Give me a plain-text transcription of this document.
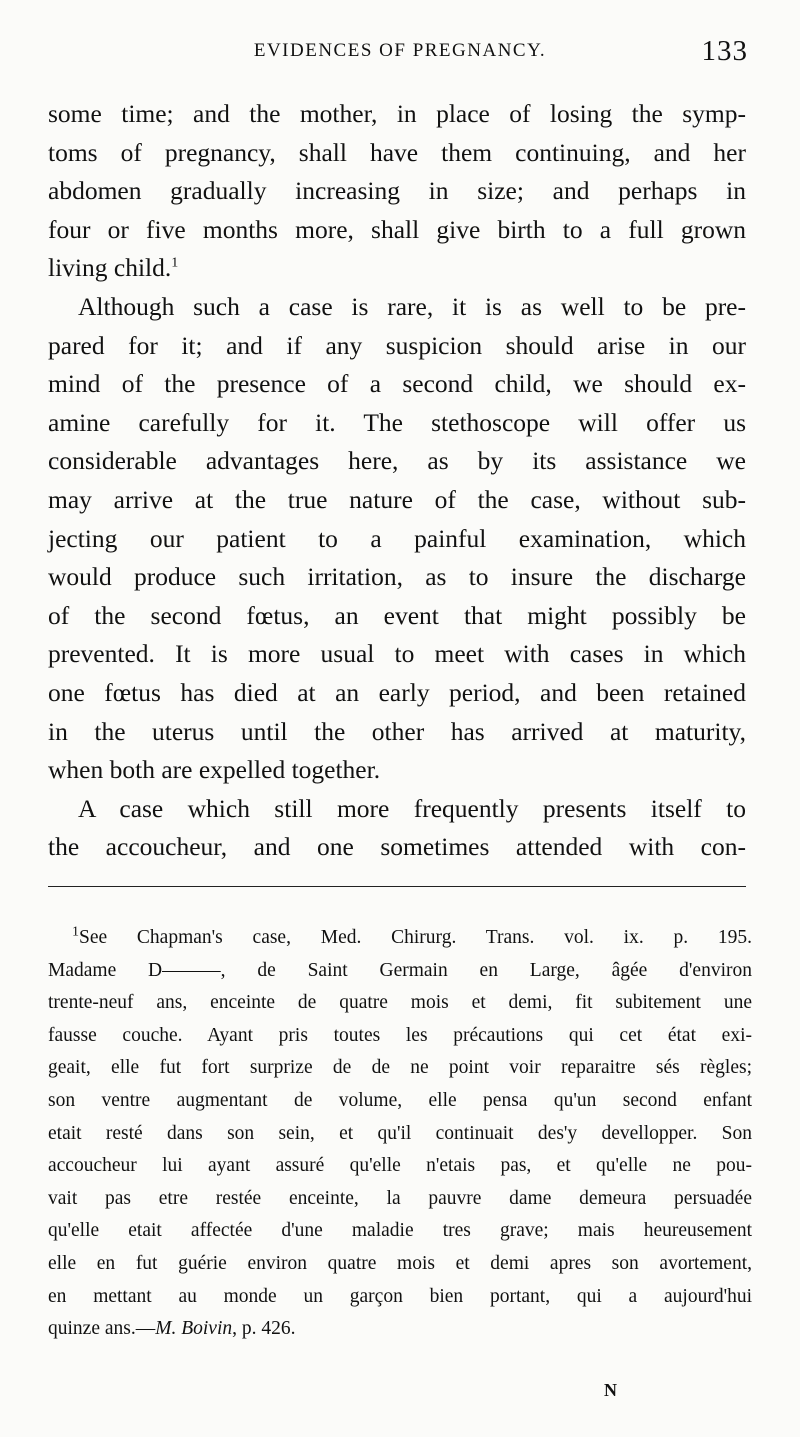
EVIDENCES OF PREGNANCY.	133

some time; and the mother, in place of losing the symp-

toms of pregnancy, shall have them continuing, and her

abdomen gradually increasing in size; and perhaps in

four or five months more, shall give birth to a full grown

living child.$^1$

Although such a case is rare, it is as well to be pre-

pared for it; and if any suspicion should arise in our

mind of the presence of a second child, we should ex-

amine carefully for it. The stethoscope will offer us

considerable advantages here, as by its assistance we

may arrive at the true nature of the case, without sub-

jecting our patient to a painful examination, which

would produce such irritation, as to insure the discharge

of the second fœtus, an event that might possibly be

prevented. It is more usual to meet with cases in which

one fœtus has died at an early period, and been retained

in the uterus until the other has arrived at maturity,

when both are expelled together.

A case which still more frequently presents itself to

the accoucheur, and one sometimes attended with con-

$^1$See Chapman's case, Med. Chirurg. Trans. vol. ix. p. 195.

Madame D———, de Saint Germain en Large, âgée d'environ

trente-neuf ans, enceinte de quatre mois et demi, fit subitement une

fausse couche. Ayant pris toutes les précautions qui cet état exi-

geait, elle fut fort surprize de de ne point voir reparaitre sés règles;

son ventre augmentant de volume, elle pensa qu'un second enfant

etait resté dans son sein, et qu'il continuait des'y devellopper. Son

accoucheur lui ayant assuré qu'elle n'etais pas, et qu'elle ne pou-

vait pas etre restée enceinte, la pauvre dame demeura persuadée

qu'elle etait affectée d'une maladie tres grave; mais heureusement

elle en fut guérie environ quatre mois et demi apres son avortement,

en mettant au monde un garçon bien portant, qui a aujourd'hui

quinze ans.—M. Boivin, p. 426.

N
